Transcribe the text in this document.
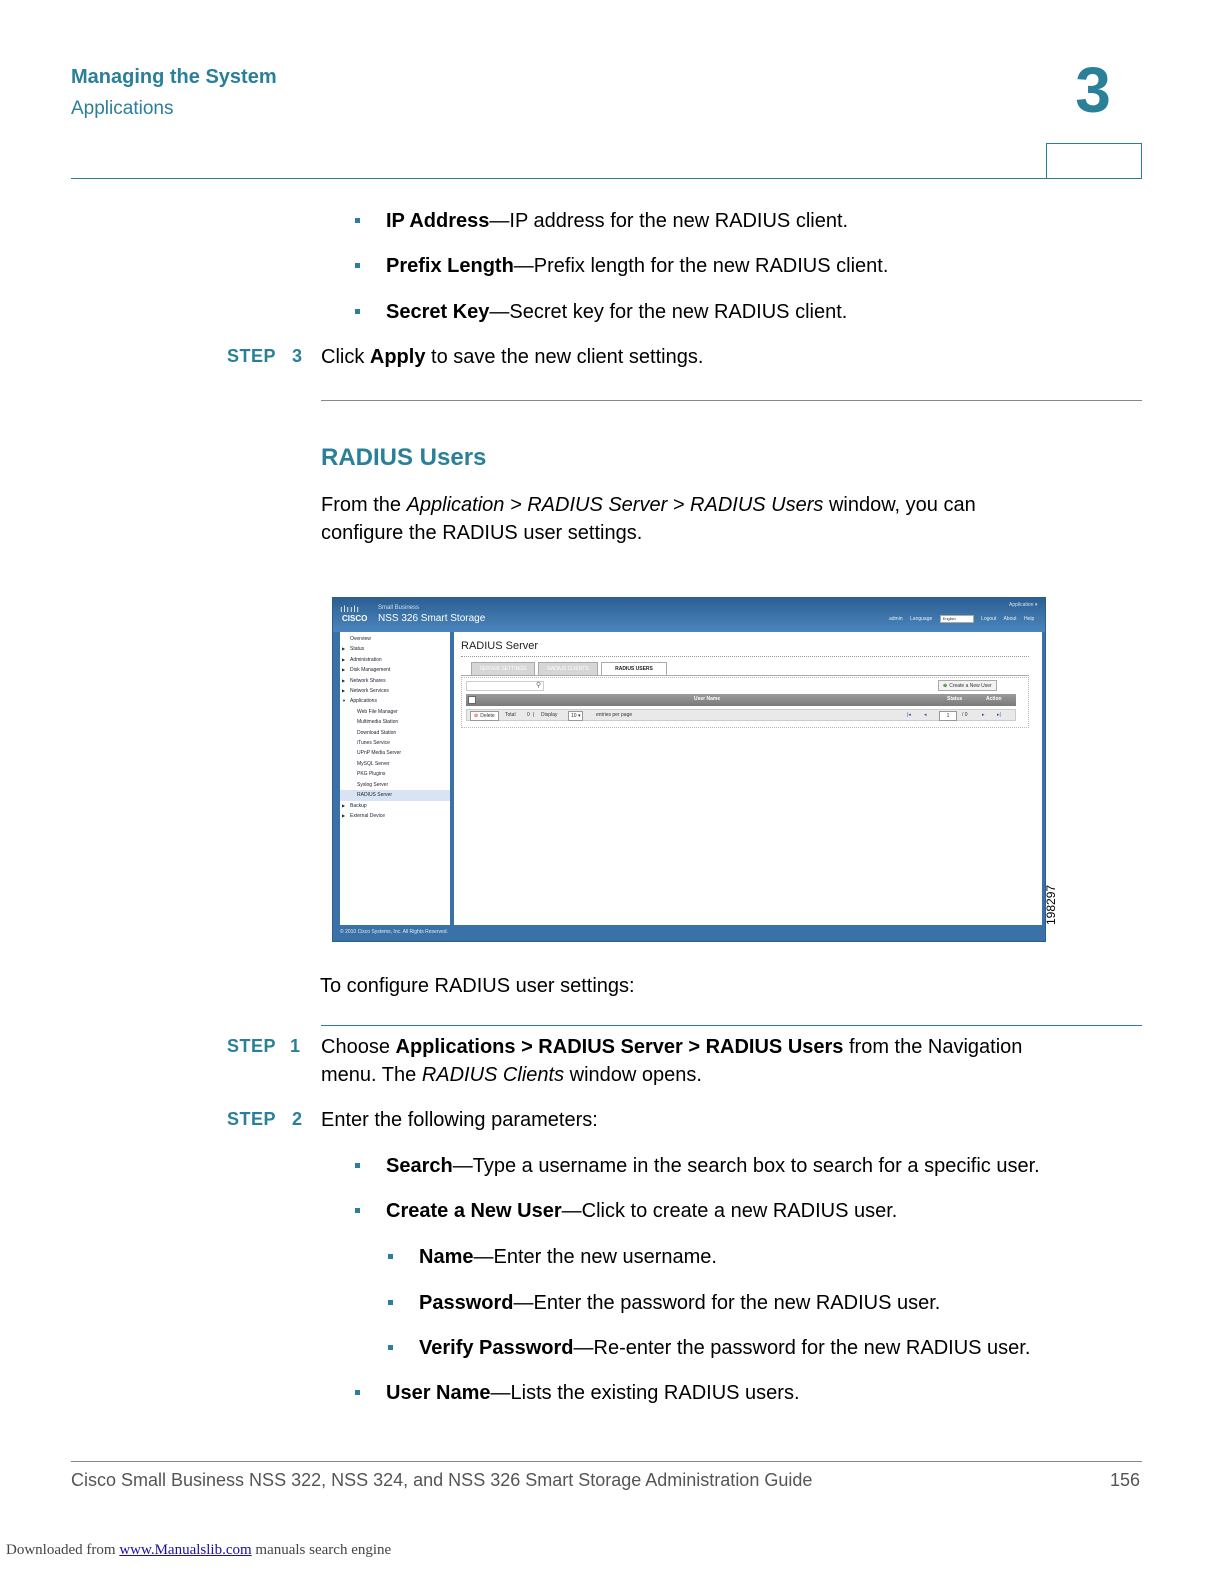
Managing the System
Applications	3
IP Address—IP address for the new RADIUS client.
Prefix Length—Prefix length for the new RADIUS client.
Secret Key—Secret key for the new RADIUS client.
STEP 3 Click Apply to save the new client settings.
RADIUS Users
From the Application > RADIUS Server > RADIUS Users window, you can
configure the RADIUS user settings.
ılıılı
CISCO
Small Business
NSS 326 Smart Storage
Application ▾
admin Language	English	Logout About Help
Overview
▶ Status
▶ Administration
▶ Disk Management
▶ Network Shares
▶ Network Services
▼ Applications
Web File Manager
Multimedia Station
Download Station
iTunes Service
UPnP Media Server
MySQL Server
PKG Plugins
Syslog Server
RADIUS Server
▶ Backup
▶ External Device
RADIUS Server
SERVER SETTINGS	RADIUS CLIENTS	RADIUS USERS
⚲	⊕ Create a New User
User Name	Status	Action
⊘ Delete	Total 0 | Display	10 ▾	entries per page	|◂	◂	1	/ 0	▸ ▸|
© 2010 Cisco Systems, Inc. All Rights Reserved.
198297
To configure RADIUS user settings:
STEP 1 Choose Applications > RADIUS Server > RADIUS Users from the Navigation
menu. The RADIUS Clients window opens.
STEP 2 Enter the following parameters:
Search—Type a username in the search box to search for a specific user.
Create a New User—Click to create a new RADIUS user.
Name—Enter the new username.
Password—Enter the password for the new RADIUS user.
Verify Password—Re-enter the password for the new RADIUS user.
User Name—Lists the existing RADIUS users.
Cisco Small Business NSS 322, NSS 324, and NSS 326 Smart Storage Administration Guide	156
Downloaded from www.Manualslib.com manuals search engine
